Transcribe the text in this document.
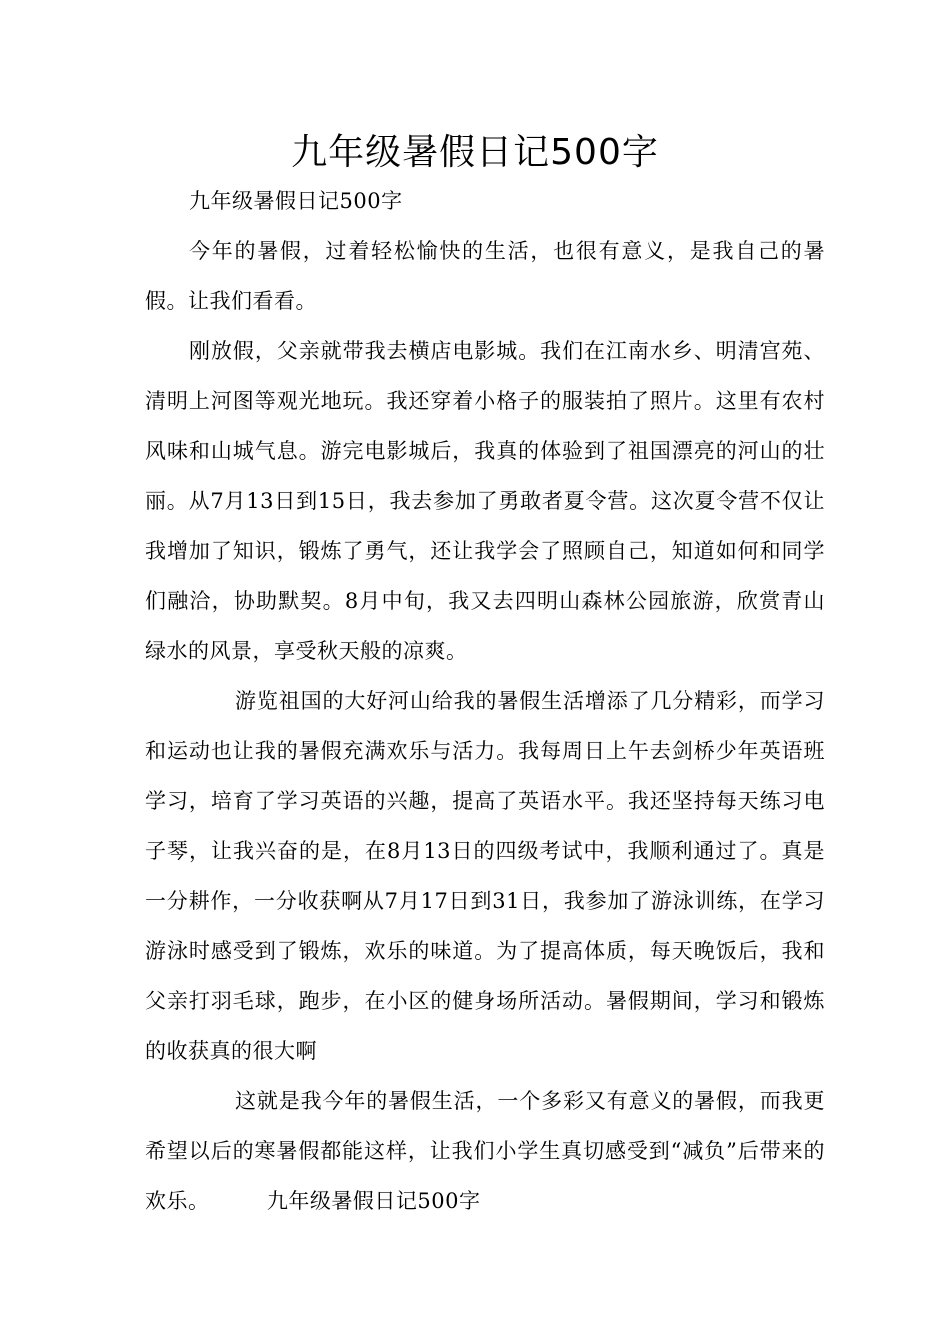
九年级暑假日记500字

九年级暑假日记500字

今年的暑假，过着轻松愉快的生活，也很有意义，是我自己的暑假。让我们看看。

刚放假，父亲就带我去横店电影城。我们在江南水乡、明清宫苑、清明上河图等观光地玩。我还穿着小格子的服装拍了照片。这里有农村风味和山城气息。游完电影城后，我真的体验到了祖国漂亮的河山的壮丽。从7月13日到15日，我去参加了勇敢者夏令营。这次夏令营不仅让我增加了知识，锻炼了勇气，还让我学会了照顾自己，知道如何和同学们融洽，协助默契。8月中旬，我又去四明山森林公园旅游，欣赏青山绿水的风景，享受秋天般的凉爽。

游览祖国的大好河山给我的暑假生活增添了几分精彩，而学习和运动也让我的暑假充满欢乐与活力。我每周日上午去剑桥少年英语班学习，培育了学习英语的兴趣，提高了英语水平。我还坚持每天练习电子琴，让我兴奋的是，在8月13日的四级考试中，我顺利通过了。真是一分耕作，一分收获啊从7月17日到31日，我参加了游泳训练，在学习游泳时感受到了锻炼，欢乐的味道。为了提高体质，每天晚饭后，我和父亲打羽毛球，跑步，在小区的健身场所活动。暑假期间，学习和锻炼的收获真的很大啊

这就是我今年的暑假生活，一个多彩又有意义的暑假，而我更希望以后的寒暑假都能这样，让我们小学生真切感受到“减负”后带来的欢乐。        九年级暑假日记500字
